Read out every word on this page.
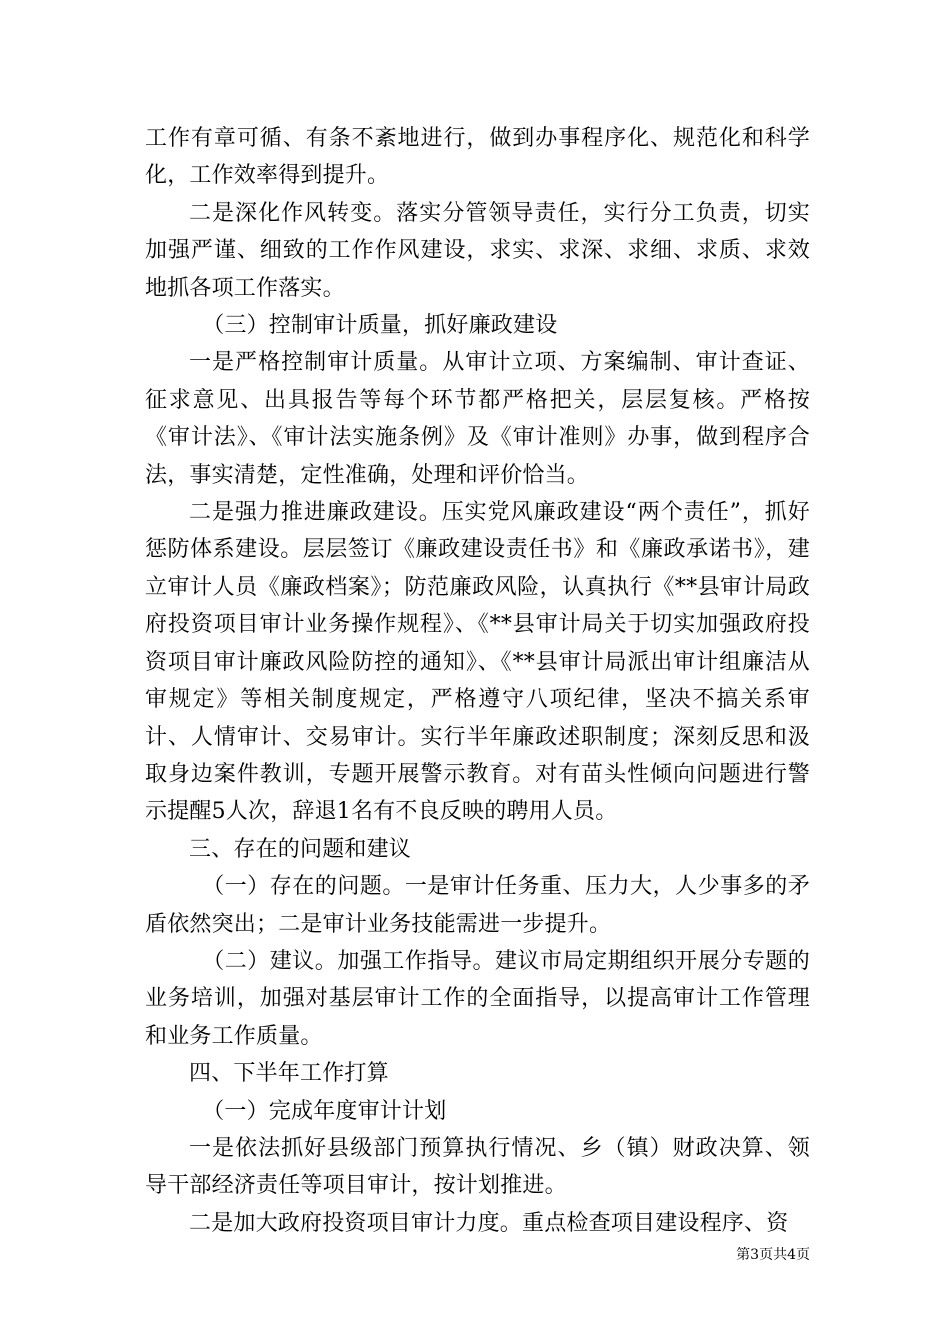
工作有章可循、有条不紊地进行，做到办事程序化、规范化和科学化，工作效率得到提升。

二是深化作风转变。落实分管领导责任，实行分工负责，切实加强严谨、细致的工作作风建设，求实、求深、求细、求质、求效地抓各项工作落实。

（三）控制审计质量，抓好廉政建设

一是严格控制审计质量。从审计立项、方案编制、审计查证、征求意见、出具报告等每个环节都严格把关，层层复核。严格按《审计法》、《审计法实施条例》及《审计准则》办事，做到程序合法，事实清楚，定性准确，处理和评价恰当。

二是强力推进廉政建设。压实党风廉政建设“两个责任”，抓好惩防体系建设。层层签订《廉政建设责任书》和《廉政承诺书》，建立审计人员《廉政档案》；防范廉政风险，认真执行《**县审计局政府投资项目审计业务操作规程》、《**县审计局关于切实加强政府投资项目审计廉政风险防控的通知》、《**县审计局派出审计组廉洁从审规定》等相关制度规定，严格遵守八项纪律，坚决不搞关系审计、人情审计、交易审计。实行半年廉政述职制度；深刻反思和汲取身边案件教训，专题开展警示教育。对有苗头性倾向问题进行警示提醒5人次，辞退1名有不良反映的聘用人员。

三、存在的问题和建议

（一）存在的问题。一是审计任务重、压力大，人少事多的矛盾依然突出；二是审计业务技能需进一步提升。

（二）建议。加强工作指导。建议市局定期组织开展分专题的业务培训，加强对基层审计工作的全面指导，以提高审计工作管理和业务工作质量。

四、下半年工作打算

（一）完成年度审计计划

一是依法抓好县级部门预算执行情况、乡（镇）财政决算、领导干部经济责任等项目审计，按计划推进。

二是加大政府投资项目审计力度。重点检查项目建设程序、资

第3页共4页
